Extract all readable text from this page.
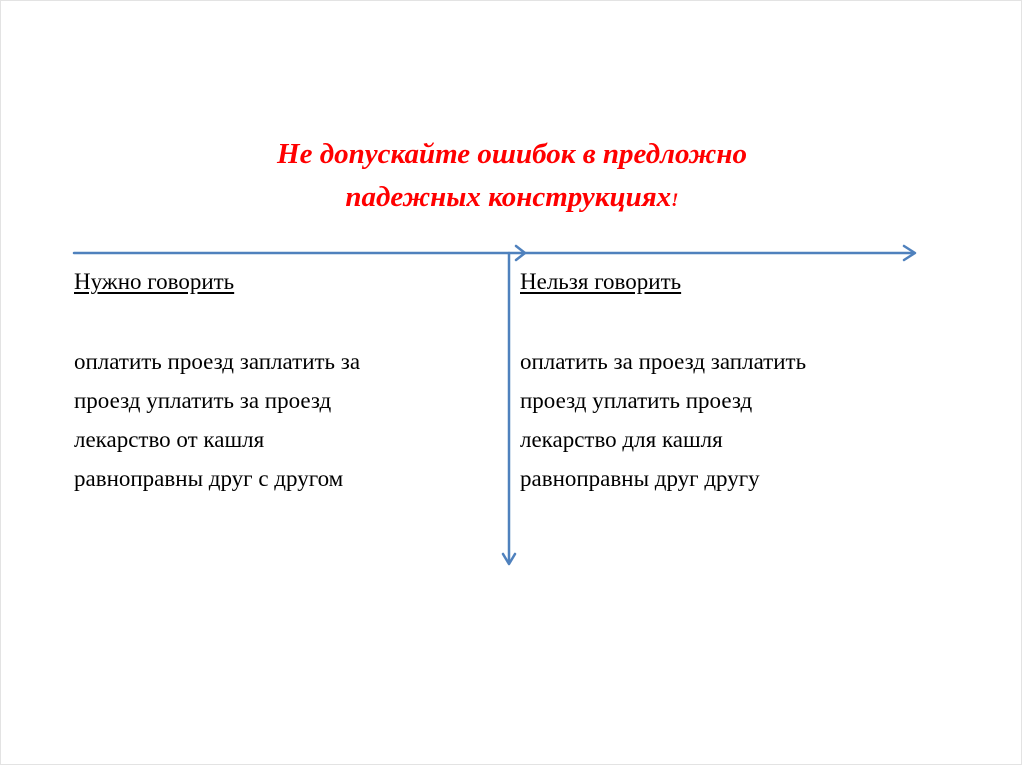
Не допускайте ошибок в предложно
падежных конструкциях!

Нужно говорить

оплатить проезд заплатить за
проезд уплатить за проезд
лекарство от кашля
равноправны друг с другом

Нельзя говорить

оплатить за проезд заплатить
проезд уплатить проезд
лекарство для кашля
равноправны друг другу
